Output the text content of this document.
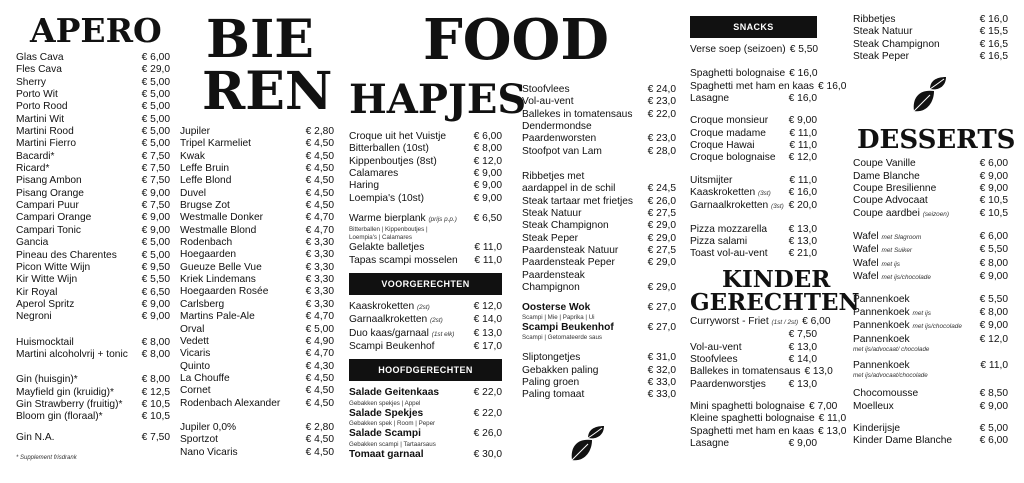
APERO
Glas Cava	€ 6,00
Fles Cava	€ 29,0
Sherry	€ 5,00
Porto Wit	€ 5,00
Porto Rood	€ 5,00
Martini Wit	€ 5,00
Martini Rood	€ 5,00
Martini Fierro	€ 5,00
Bacardi*	€ 7,50
Ricard*	€ 7,50
Pisang Ambon	€ 7,50
Pisang Orange	€ 9,00
Campari Puur	€ 7,50
Campari Orange	€ 9,00
Campari Tonic	€ 9,00
Gancia	€ 5,00
Pineau des Charentes	€ 5,00
Picon Witte Wijn	€ 9,50
Kir Witte Wijn	€ 5,50
Kir Royal	€ 6,50
Aperol Spritz	€ 9,00
Negroni	€ 9,00
Huismocktail	€ 8,00
Martini alcoholvrij + tonic	€ 8,00
Gin (huisgin)*	€ 8,00
Mayfield gin (kruidig)*	€ 12,5
Gin Strawberry (fruitig)*	€ 10,5
Bloom gin (floraal)*	€ 10,5
Gin N.A.	€ 7,50
* Supplement frisdrank
BIE
REN
Jupiler	€ 2,80
Tripel Karmeliet	€ 4,50
Kwak	€ 4,50
Leffe Bruin	€ 4,50
Leffe Blond	€ 4,50
Duvel	€ 4,50
Brugse Zot	€ 4,50
Westmalle Donker	€ 4,70
Westmalle Blond	€ 4,70
Rodenbach	€ 3,30
Hoegaarden	€ 3,30
Gueuze Belle Vue	€ 3,30
Kriek Lindemans	€ 3,30
Hoegaarden Rosée	€ 3,30
Carlsberg	€ 3,30
Martins Pale-Ale	€ 4,70
Orval	€ 5,00
Vedett	€ 4,90
Vicaris	€ 4,70
Quinto	€ 4,30
La Chouffe	€ 4,50
Cornet	€ 4,50
Rodenbach Alexander	€ 4,50
Jupiler 0,0%	€ 2,80
Sportzot	€ 4,50
Nano Vicaris	€ 4,50
FOOD
HAPJES
Croque uit het Vuistje	€ 6,00
Bitterballen (10st)	€ 8,00
Kippenboutjes (8st)	€ 12,0
Calamares	€ 9,00
Haring	€ 9,00
Loempia's (10st)	€ 9,00
Warme bierplank (prijs p.p.)	€ 6,50
Bitterballen | Kippenboutjes |
Loempia's | Calamares
Gelakte balletjes	€ 11,0
Tapas scampi mosselen	€ 11,0
VOORGERECHTEN
Kaaskroketten (2st)	€ 12,0
Garnaalkroketten (2st)	€ 14,0
Duo kaas/garnaal (1st elk)	€ 13,0
Scampi Beukenhof	€ 17,0
HOOFDGERECHTEN
Salade Geitenkaas	€ 22,0
Gebakken spekjes | Appel
Salade Spekjes	€ 22,0
Gebakken spek | Room | Peper
Salade Scampi	€ 26,0
Gebakken scampi | Tartaarsaus
Tomaat garnaal	€ 30,0
Stoofvlees	€ 24,0
Vol-au-vent	€ 23,0
Ballekes in tomatensaus	€ 22,0
Dendermondse Paardenworsten	€ 23,0
Stoofpot van Lam	€ 28,0
Ribbetjes met aardappel in de schil	€ 24,5
Steak tartaar met frietjes	€ 26,0
Steak Natuur	€ 27,5
Steak Champignon	€ 29,0
Steak Peper	€ 29,0
Paardensteak Natuur	€ 27,5
Paardensteak Peper	€ 29,0
Paardensteak Champignon	€ 29,0
Oosterse Wok	€ 27,0
Scampi | Mie | Paprika | Ui
Scampi Beukenhof	€ 27,0
Scampi | Getomateerde saus
Sliptongetjes	€ 31,0
Gebakken paling	€ 32,0
Paling groen	€ 33,0
Paling tomaat	€ 33,0
SNACKS
Verse soep (seizoen) € 5,50
Spaghetti bolognaise € 16,0
Spaghetti met ham en kaas € 16,0
Lasagne	€ 16,0
Croque monsieur	€ 9,00
Croque madame	€ 11,0
Croque Hawai	€ 11,0
Croque bolognaise	€ 12,0
Uitsmijter	€ 11,0
Kaaskroketten (3st)	€ 16,0
Garnaalkroketten (3st) € 20,0
Pizza mozzarella	€ 13,0
Pizza salami	€ 13,0
Toast vol-au-vent	€ 21,0
KINDER
GERECHTEN
Curryworst - Friet (1st / 2st) € 6,00
€ 7,50
Vol-au-vent	€ 13,0
Stoofvlees	€ 14,0
Ballekes in tomatensaus € 13,0
Paardenworstjes	€ 13,0
Mini spaghetti bolognaise € 7,00
Kleine spaghetti bolognaise € 11,0
Spaghetti met ham en kaas € 13,0
Lasagne	€ 9,00
Ribbetjes	€ 16,0
Steak Natuur	€ 15,5
Steak Champignon	€ 16,5
Steak Peper	€ 16,5
DESSERTS
Coupe Vanille	€ 6,00
Dame Blanche	€ 9,00
Coupe Bresilienne	€ 9,00
Coupe Advocaat	€ 10,5
Coupe aardbei (seizoen)	€ 10,5
Wafel met Slagroom	€ 6,00
Wafel met Suiker	€ 5,50
Wafel met ijs	€ 8,00
Wafel met ijs/chocolade	€ 9,00
Pannenkoek	€ 5,50
Pannenkoek met ijs	€ 8,00
Pannenkoek met ijs/chocolade	€ 9,00
Pannenkoek
met ijs/advocaat/ chocolade
€ 12,0
Pannenkoek
met ijs/advocaat/chocolade
€ 11,0
Chocomousse	€ 8,50
Moelleux	€ 9,00
Kinderijsje	€ 5,00
Kinder Dame Blanche	€ 6,00
